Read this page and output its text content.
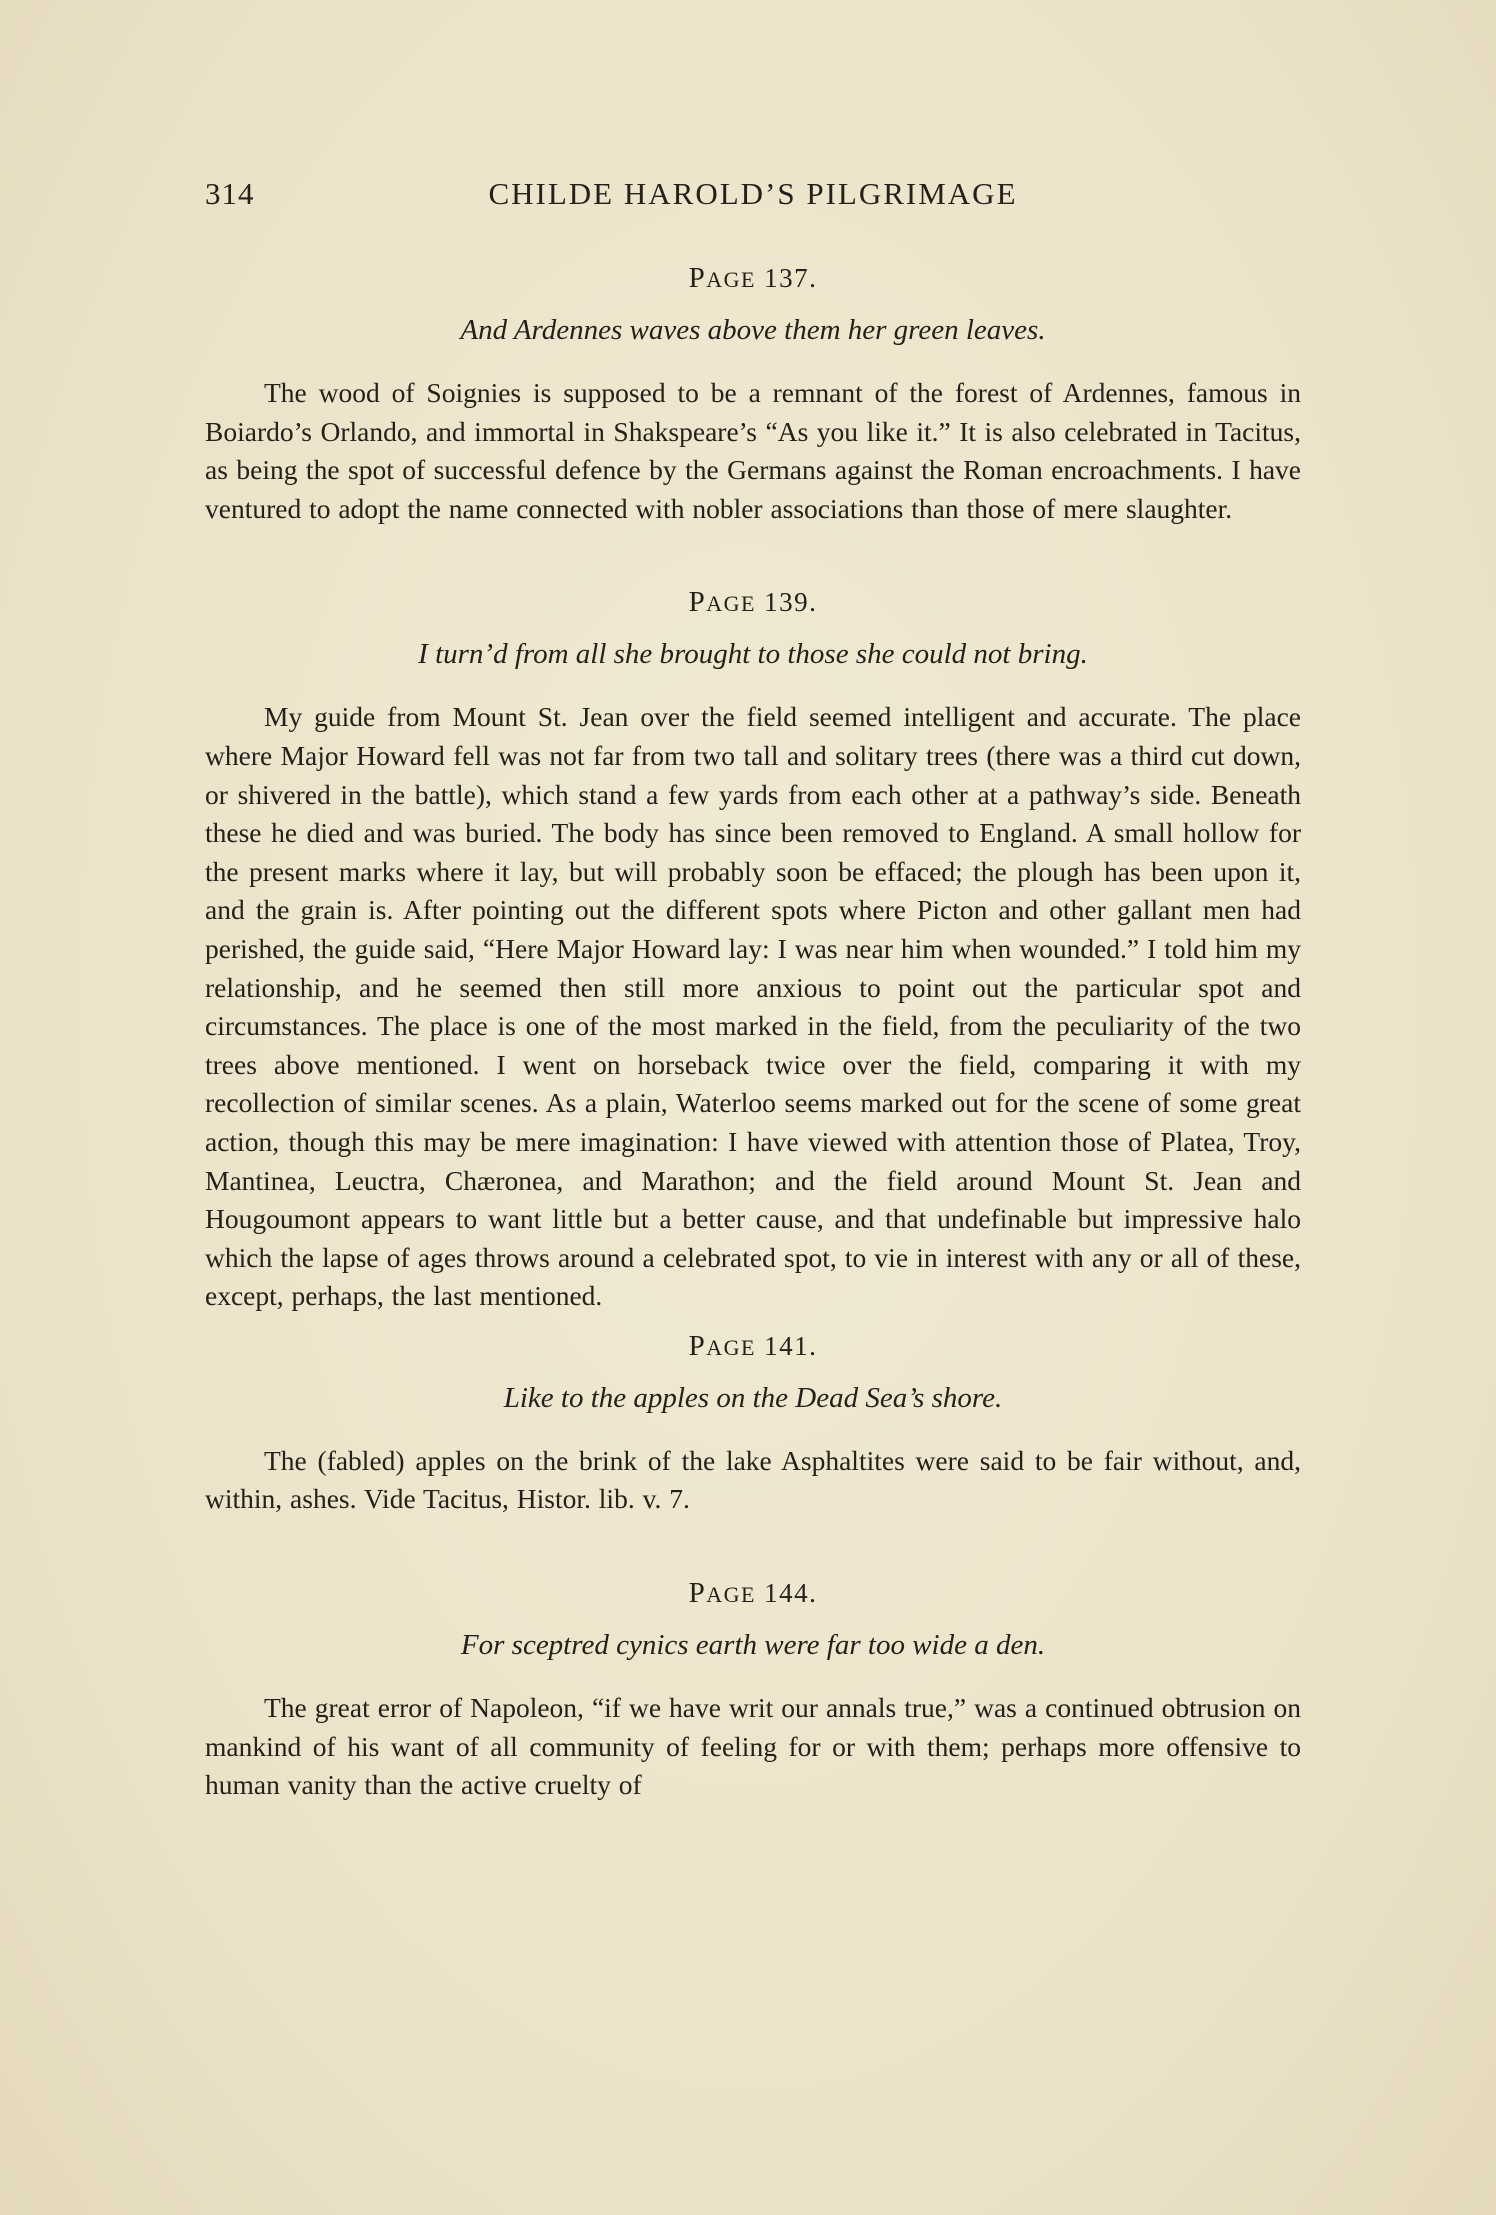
314	CHILDE HAROLD’S PILGRIMAGE

PAGE 137.

And Ardennes waves above them her green leaves.

The wood of Soignies is supposed to be a remnant of the forest of Ardennes, famous in Boiardo’s Orlando, and immortal in Shakspeare’s “As you like it.” It is also celebrated in Tacitus, as being the spot of successful defence by the Germans against the Roman encroachments. I have ventured to adopt the name connected with nobler associations than those of mere slaughter.

PAGE 139.

I turn’d from all she brought to those she could not bring.

My guide from Mount St. Jean over the field seemed intelligent and accurate. The place where Major Howard fell was not far from two tall and solitary trees (there was a third cut down, or shivered in the battle), which stand a few yards from each other at a pathway’s side. Beneath these he died and was buried. The body has since been removed to England. A small hollow for the present marks where it lay, but will probably soon be effaced; the plough has been upon it, and the grain is. After pointing out the different spots where Picton and other gallant men had perished, the guide said, “Here Major Howard lay: I was near him when wounded.” I told him my relationship, and he seemed then still more anxious to point out the particular spot and circumstances. The place is one of the most marked in the field, from the peculiarity of the two trees above mentioned. I went on horseback twice over the field, comparing it with my recollection of similar scenes. As a plain, Waterloo seems marked out for the scene of some great action, though this may be mere imagination: I have viewed with attention those of Platea, Troy, Mantinea, Leuctra, Chæronea, and Marathon; and the field around Mount St. Jean and Hougoumont appears to want little but a better cause, and that undefinable but impressive halo which the lapse of ages throws around a celebrated spot, to vie in interest with any or all of these, except, perhaps, the last mentioned.

PAGE 141.

Like to the apples on the Dead Sea’s shore.

The (fabled) apples on the brink of the lake Asphaltites were said to be fair without, and, within, ashes. Vide Tacitus, Histor. lib. v. 7.

PAGE 144.

For sceptred cynics earth were far too wide a den.

The great error of Napoleon, “if we have writ our annals true,” was a continued obtrusion on mankind of his want of all community of feeling for or with them; perhaps more offensive to human vanity than the active cruelty of
